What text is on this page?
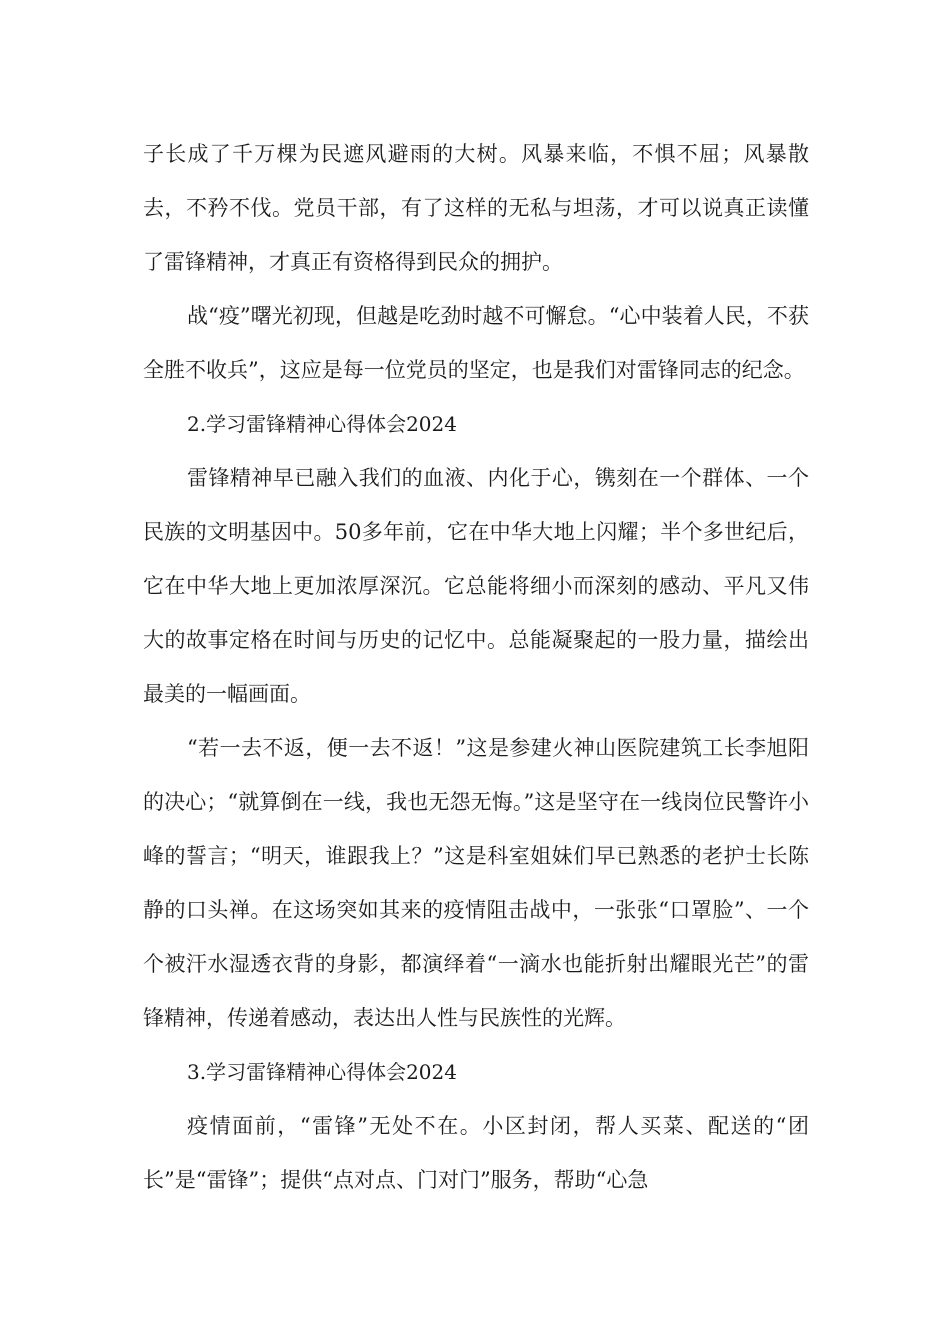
子长成了千万棵为民遮风避雨的大树。风暴来临，不惧不屈；风暴散去，不矜不伐。党员干部，有了这样的无私与坦荡，才可以说真正读懂了雷锋精神，才真正有资格得到民众的拥护。

战“疫”曙光初现，但越是吃劲时越不可懈怠。“心中装着人民，不获全胜不收兵”，这应是每一位党员的坚定，也是我们对雷锋同志的纪念。

2.学习雷锋精神心得体会2024

雷锋精神早已融入我们的血液、内化于心，镌刻在一个群体、一个民族的文明基因中。50多年前，它在中华大地上闪耀；半个多世纪后，它在中华大地上更加浓厚深沉。它总能将细小而深刻的感动、平凡又伟大的故事定格在时间与历史的记忆中。总能凝聚起的一股力量，描绘出最美的一幅画面。

“若一去不返，便一去不返！”这是参建火神山医院建筑工长李旭阳的决心；“就算倒在一线，我也无怨无悔。”这是坚守在一线岗位民警许小峰的誓言；“明天，谁跟我上？”这是科室姐妹们早已熟悉的老护士长陈静的口头禅。在这场突如其来的疫情阻击战中，一张张“口罩脸”、一个个被汗水湿透衣背的身影，都演绎着“一滴水也能折射出耀眼光芒”的雷锋精神，传递着感动，表达出人性与民族性的光辉。

3.学习雷锋精神心得体会2024

疫情面前，“雷锋”无处不在。小区封闭，帮人买菜、配送的“团长”是“雷锋”；提供“点对点、门对门”服务，帮助“心急
